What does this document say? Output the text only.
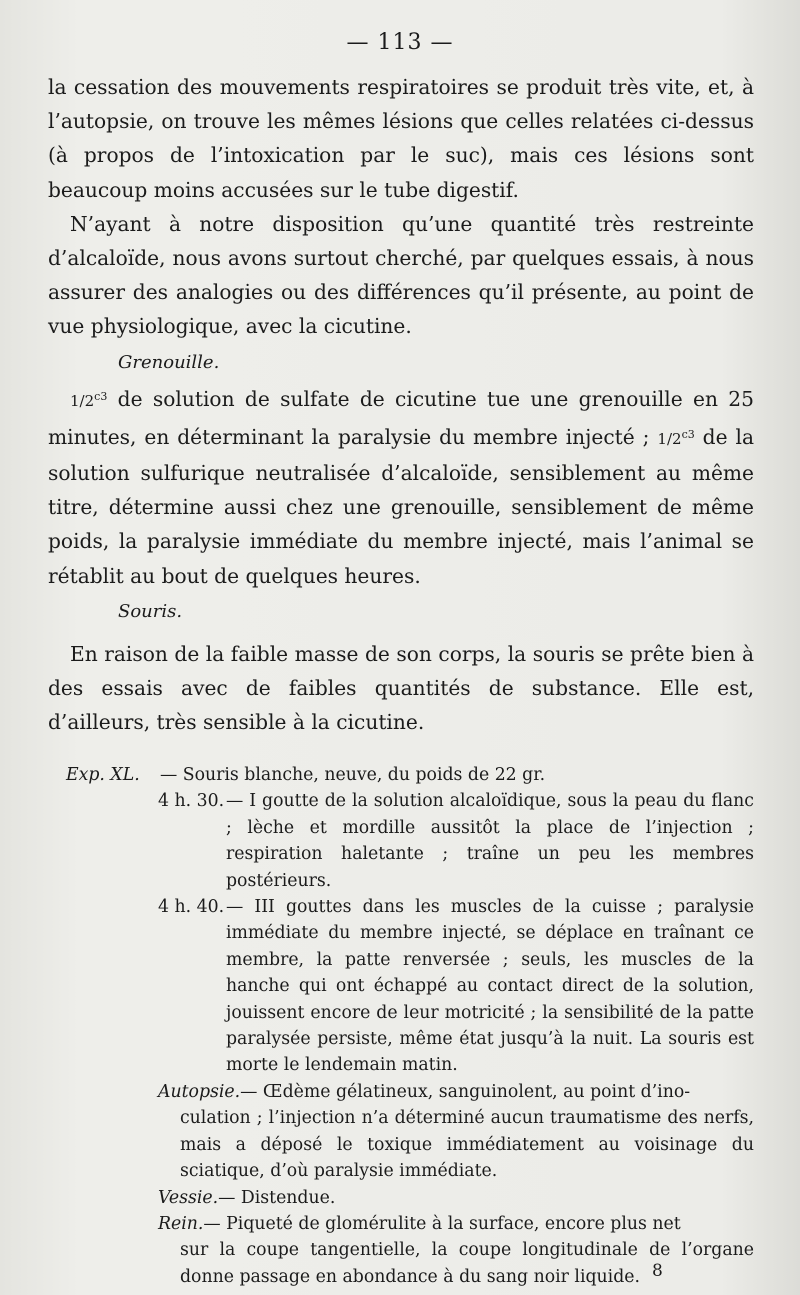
— 113 —

la cessation des mouvements respiratoires se produit très vite, et, à l’autopsie, on trouve les mêmes lésions que celles relatées ci-dessus (à propos de l’intoxication par le suc), mais ces lésions sont beaucoup moins accusées sur le tube digestif.

N’ayant à notre disposition qu’une quantité très restreinte d’alcaloïde, nous avons surtout cherché, par quelques essais, à nous assurer des analogies ou des différences qu’il présente, au point de vue physiologique, avec la cicutine.

Grenouille.

$1/2^{c3}$ de solution de sulfate de cicutine tue une grenouille en 25 minutes, en déterminant la paralysie du membre injecté ; $1/2^{c3}$ de la solution sulfurique neutralisée d’alcaloïde, sensiblement au même titre, détermine aussi chez une grenouille, sensiblement de même poids, la paralysie immédiate du membre injecté, mais l’animal se rétablit au bout de quelques heures.

Souris.

En raison de la faible masse de son corps, la souris se prête bien à des essais avec de faibles quantités de substance. Elle est, d’ailleurs, très sensible à la cicutine.

Exp. XL.	— Souris blanche, neuve, du poids de 22 gr.
4 h. 30. — I goutte de la solution alcaloïdique, sous la peau du flanc ; lèche et mordille aussitôt la place de l’injection ; respiration haletante ; traîne un peu les membres postérieurs.
4 h. 40. — III gouttes dans les muscles de la cuisse ; paralysie immédiate du membre injecté, se déplace en traînant ce membre, la patte renversée ; seuls, les muscles de la hanche qui ont échappé au contact direct de la solution, jouissent encore de leur motricité ; la sensibilité de la patte paralysée persiste, même état jusqu’à la nuit. La souris est morte le lendemain matin.
Autopsie. — Œdème gélatineux, sanguinolent, au point d’ino-
culation ; l’injection n’a déterminé aucun traumatisme des nerfs, mais a déposé le toxique immédiatement au voisinage du sciatique, d’où paralysie immédiate.
Vessie. — Distendue.
Rein. — Piqueté de glomérulite à la surface, encore plus net
sur la coupe tangentielle, la coupe longitudinale de l’organe donne passage en abondance à du sang noir liquide. 8
